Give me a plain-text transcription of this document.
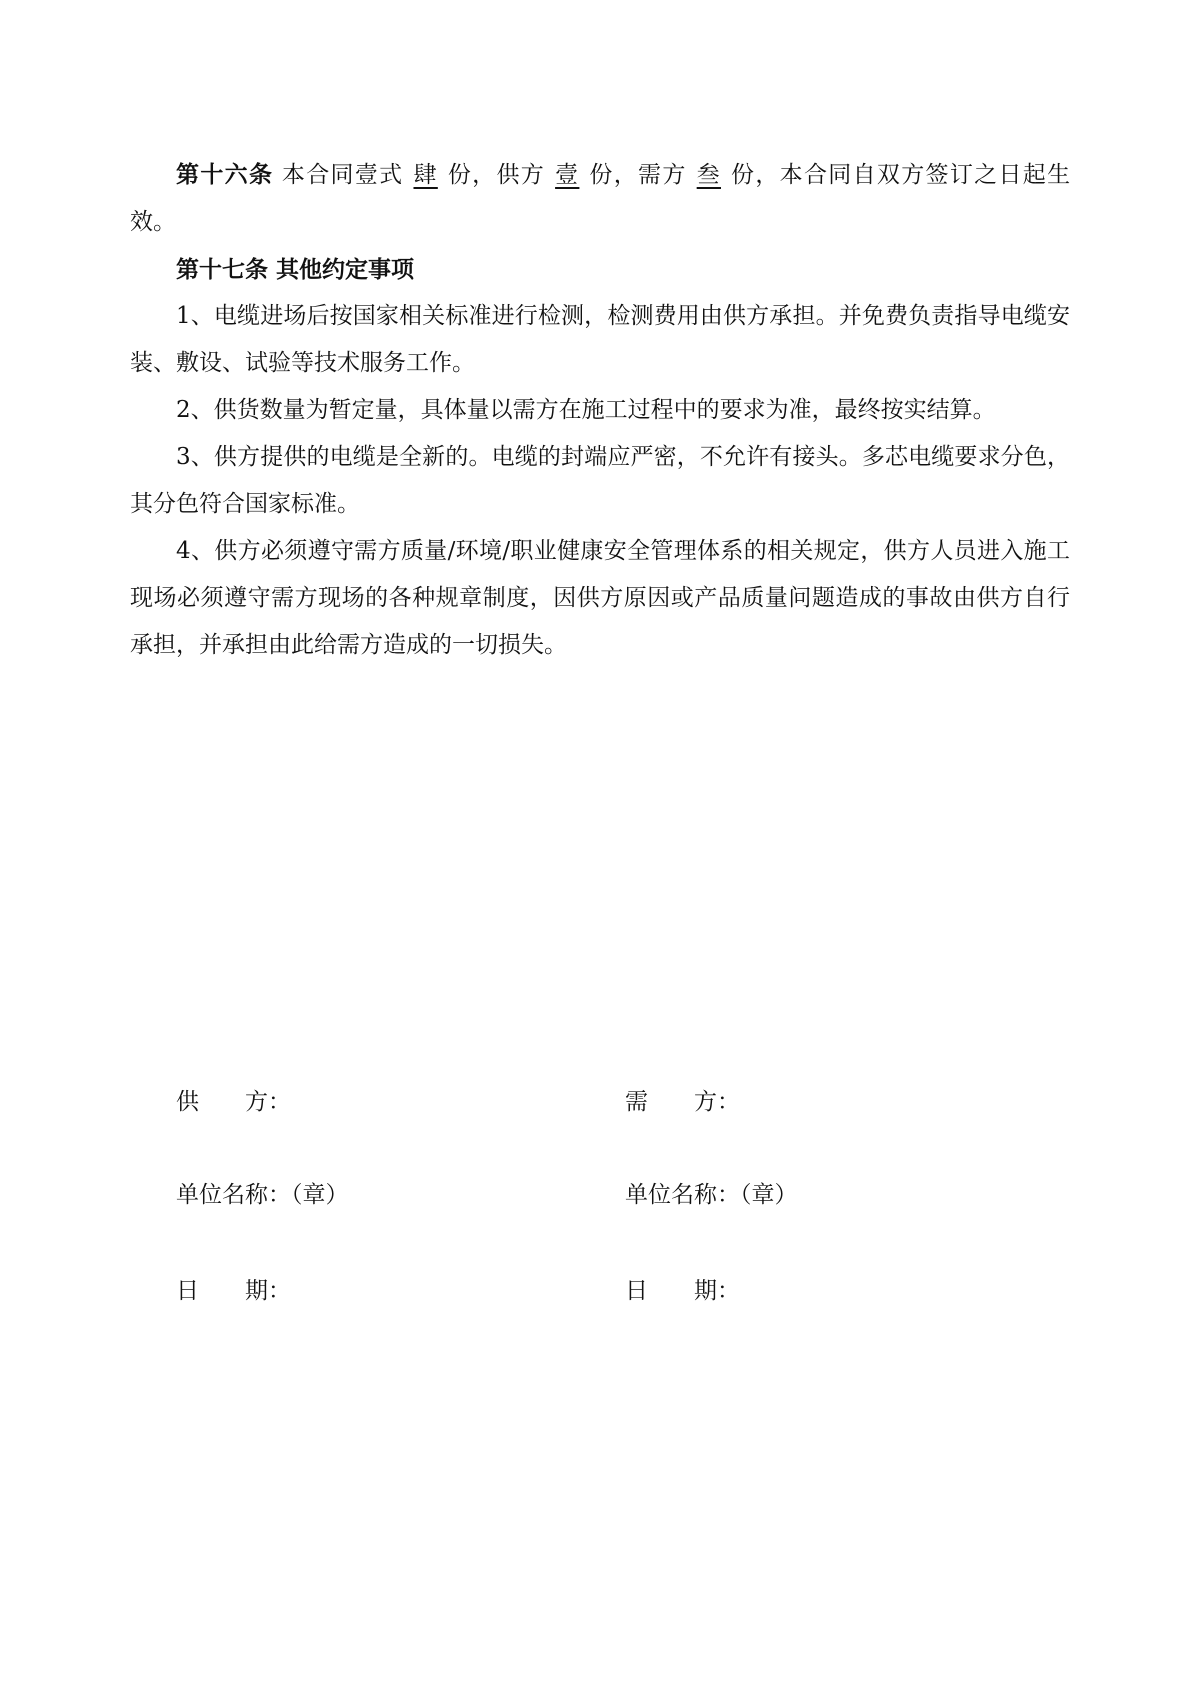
第十六条 本合同壹式 肆 份，供方 壹 份，需方 叁 份，本合同自双方签订之日起生效。

第十七条 其他约定事项

1、电缆进场后按国家相关标准进行检测，检测费用由供方承担。并免费负责指导电缆安装、敷设、试验等技术服务工作。

2、供货数量为暂定量，具体量以需方在施工过程中的要求为准，最终按实结算。

3、供方提供的电缆是全新的。电缆的封端应严密，不允许有接头。多芯电缆要求分色，其分色符合国家标准。

4、供方必须遵守需方质量/环境/职业健康安全管理体系的相关规定，供方人员进入施工现场必须遵守需方现场的各种规章制度，因供方原因或产品质量问题造成的事故由供方自行承担，并承担由此给需方造成的一切损失。

供 方：
单位名称：（章）
日 期：
需 方：
单位名称：（章）
日 期：
